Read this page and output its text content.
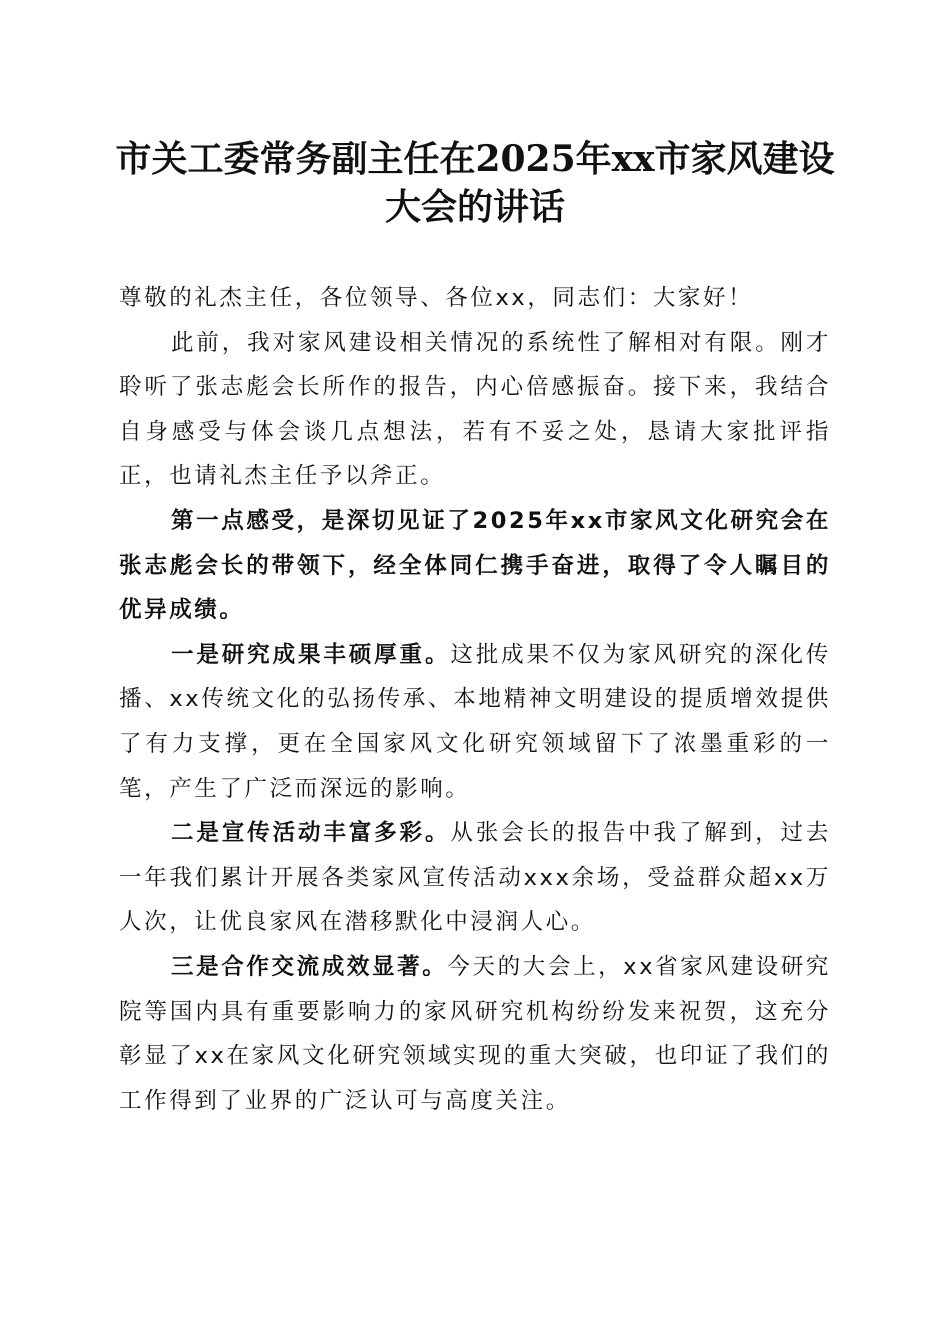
市关工委常务副主任在2025年xx市家风建设
大会的讲话

尊敬的礼杰主任，各位领导、各位xx，同志们：大家好！

此前，我对家风建设相关情况的系统性了解相对有限。刚才聆听了张志彪会长所作的报告，内心倍感振奋。接下来，我结合自身感受与体会谈几点想法，若有不妥之处，恳请大家批评指正，也请礼杰主任予以斧正。

第一点感受，是深切见证了2025年xx市家风文化研究会在张志彪会长的带领下，经全体同仁携手奋进，取得了令人瞩目的优异成绩。

一是研究成果丰硕厚重。这批成果不仅为家风研究的深化传播、xx传统文化的弘扬传承、本地精神文明建设的提质增效提供了有力支撑，更在全国家风文化研究领域留下了浓墨重彩的一笔，产生了广泛而深远的影响。

二是宣传活动丰富多彩。从张会长的报告中我了解到，过去一年我们累计开展各类家风宣传活动xxx余场，受益群众超xx万人次，让优良家风在潜移默化中浸润人心。

三是合作交流成效显著。今天的大会上，xx省家风建设研究院等国内具有重要影响力的家风研究机构纷纷发来祝贺，这充分彰显了xx在家风文化研究领域实现的重大突破，也印证了我们的工作得到了业界的广泛认可与高度关注。
